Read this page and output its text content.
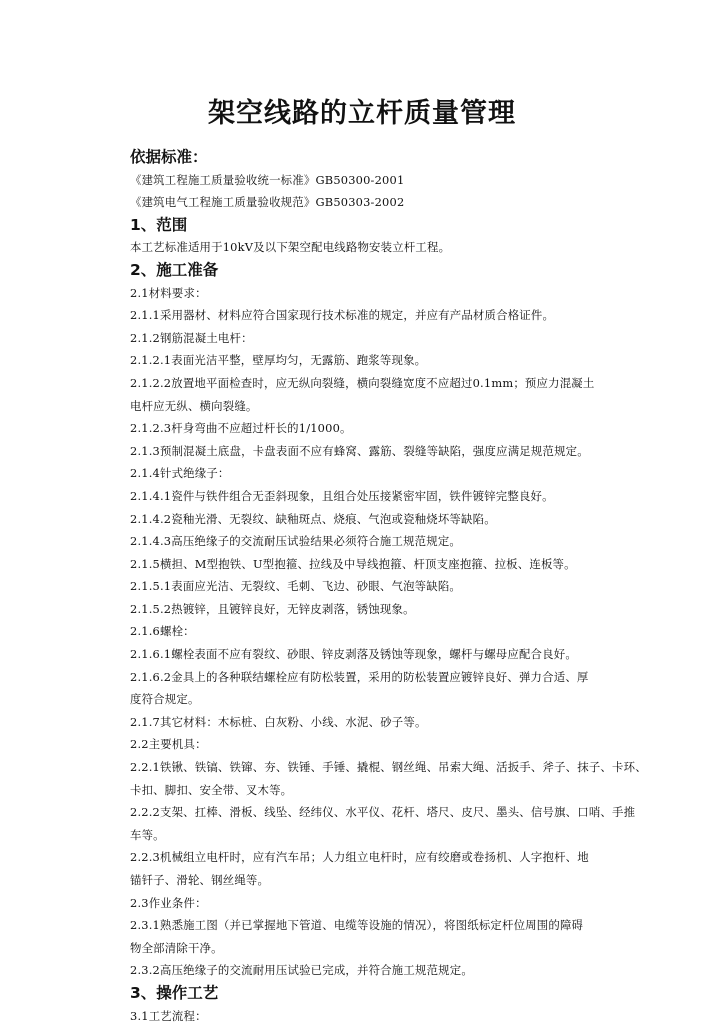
架空线路的立杆质量管理
依据标准：
《建筑工程施工质量验收统一标准》GB50300-2001
《建筑电气工程施工质量验收规范》GB50303-2002
1、范围
本工艺标准适用于10kV及以下架空配电线路物安装立杆工程。
2、施工准备
2.1材料要求：
2.1.1采用器材、材料应符合国家现行技术标准的规定，并应有产品材质合格证件。
2.1.2钢筋混凝土电杆：
2.1.2.1表面光洁平整，壁厚均匀，无露筋、跑浆等现象。
2.1.2.2放置地平面检查时，应无纵向裂缝，横向裂缝宽度不应超过0.1mm；预应力混凝土
电杆应无纵、横向裂缝。
2.1.2.3杆身弯曲不应超过杆长的1/1000。
2.1.3预制混凝土底盘，卡盘表面不应有蜂窝、露筋、裂缝等缺陷，强度应满足规范规定。
2.1.4针式绝缘子：
2.1.4.1瓷件与铁件组合无歪斜现象，且组合处压接紧密牢固，铁件镀锌完整良好。
2.1.4.2瓷釉光滑、无裂纹、缺釉斑点、烧痕、气泡或瓷釉烧坏等缺陷。
2.1.4.3高压绝缘子的交流耐压试验结果必须符合施工规范规定。
2.1.5横担、M型抱铁、U型抱箍、拉线及中导线抱箍、杆顶支座抱箍、拉板、连板等。
2.1.5.1表面应光洁、无裂纹、毛刺、飞边、砂眼、气泡等缺陷。
2.1.5.2热镀锌，且镀锌良好，无锌皮剥落，锈蚀现象。
2.1.6螺栓：
2.1.6.1螺栓表面不应有裂纹、砂眼、锌皮剥落及锈蚀等现象，螺杆与螺母应配合良好。
2.1.6.2金具上的各种联结螺栓应有防松装置，采用的防松装置应镀锌良好、弹力合适、厚
度符合规定。
2.1.7其它材料：木标桩、白灰粉、小线、水泥、砂子等。
2.2主要机具：
2.2.1铁锹、铁镐、铁镩、夯、铁锤、手锤、撬棍、钢丝绳、吊索大绳、活扳手、斧子、抹子、卡环、
卡扣、脚扣、安全带、叉木等。
2.2.2支架、扛棒、滑板、线坠、经纬仪、水平仪、花杆、塔尺、皮尺、墨头、信号旗、口哨、手推
车等。
2.2.3机械组立电杆时，应有汽车吊；人力组立电杆时，应有绞磨或卷扬机、人字抱杆、地
锚钎子、滑轮、钢丝绳等。
2.3作业条件：
2.3.1熟悉施工图（并已掌握地下管道、电缆等设施的情况），将图纸标定杆位周围的障碍
物全部清除干净。
2.3.2高压绝缘子的交流耐用压试验已完成，并符合施工规范规定。
3、操作工艺
3.1工艺流程：
